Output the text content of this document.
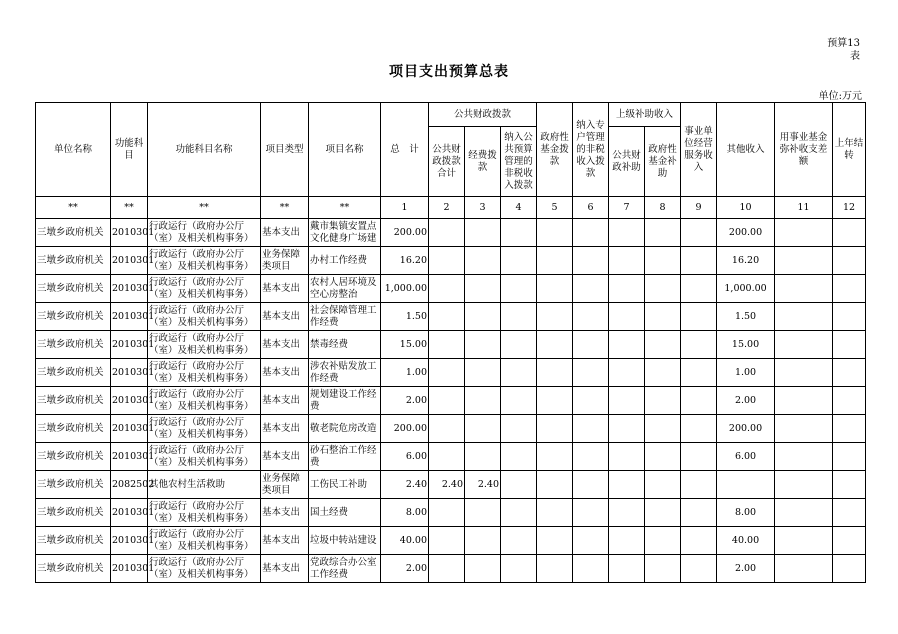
预算13
表
项目支出预算总表
单位:万元
单位名称	功能科目	功能科目名称	项目类型	项目名称	总　计	公共财政拨款			政府性基金拨款	纳入专户管理的非税收入拨款	上级补助收入		事业单位经营服务收入	其他收入	用事业基金弥补收支差额	上年结转
						公共财政拨款合计	经费拨款	纳入公共预算管理的非税收入拨款			公共财政补助	政府性基金补助				
**	**	**	**	**	1	2	3	4	5	6	7	8	9	10	11	12
三墩乡政府机关	2010301	行政运行（政府办公厅（室）及相关机构事务）	基本支出	戴市集镇安置点文化健身广场建	200.00									200.00		
三墩乡政府机关	2010301	行政运行（政府办公厅（室）及相关机构事务）	业务保障类项目	办村工作经费	16.20									16.20		
三墩乡政府机关	2010301	行政运行（政府办公厅（室）及相关机构事务）	基本支出	农村人居环境及空心房整治	1,000.00									1,000.00		
三墩乡政府机关	2010301	行政运行（政府办公厅（室）及相关机构事务）	基本支出	社会保障管理工作经费	1.50									1.50		
三墩乡政府机关	2010301	行政运行（政府办公厅（室）及相关机构事务）	基本支出	禁毒经费	15.00									15.00		
三墩乡政府机关	2010301	行政运行（政府办公厅（室）及相关机构事务）	基本支出	涉农补贴发放工作经费	1.00									1.00		
三墩乡政府机关	2010301	行政运行（政府办公厅（室）及相关机构事务）	基本支出	规划建设工作经费	2.00									2.00		
三墩乡政府机关	2010301	行政运行（政府办公厅（室）及相关机构事务）	基本支出	敬老院危房改造	200.00									200.00		
三墩乡政府机关	2010301	行政运行（政府办公厅（室）及相关机构事务）	基本支出	砂石整治工作经费	6.00									6.00		
三墩乡政府机关	2082502	其他农村生活救助	业务保障类项目	工伤民工补助	2.40	2.40	2.40									
三墩乡政府机关	2010301	行政运行（政府办公厅（室）及相关机构事务）	基本支出	国土经费	8.00									8.00		
三墩乡政府机关	2010301	行政运行（政府办公厅（室）及相关机构事务）	基本支出	垃圾中转站建设	40.00									40.00		
三墩乡政府机关	2010301	行政运行（政府办公厅（室）及相关机构事务）	基本支出	党政综合办公室工作经费	2.00									2.00		
